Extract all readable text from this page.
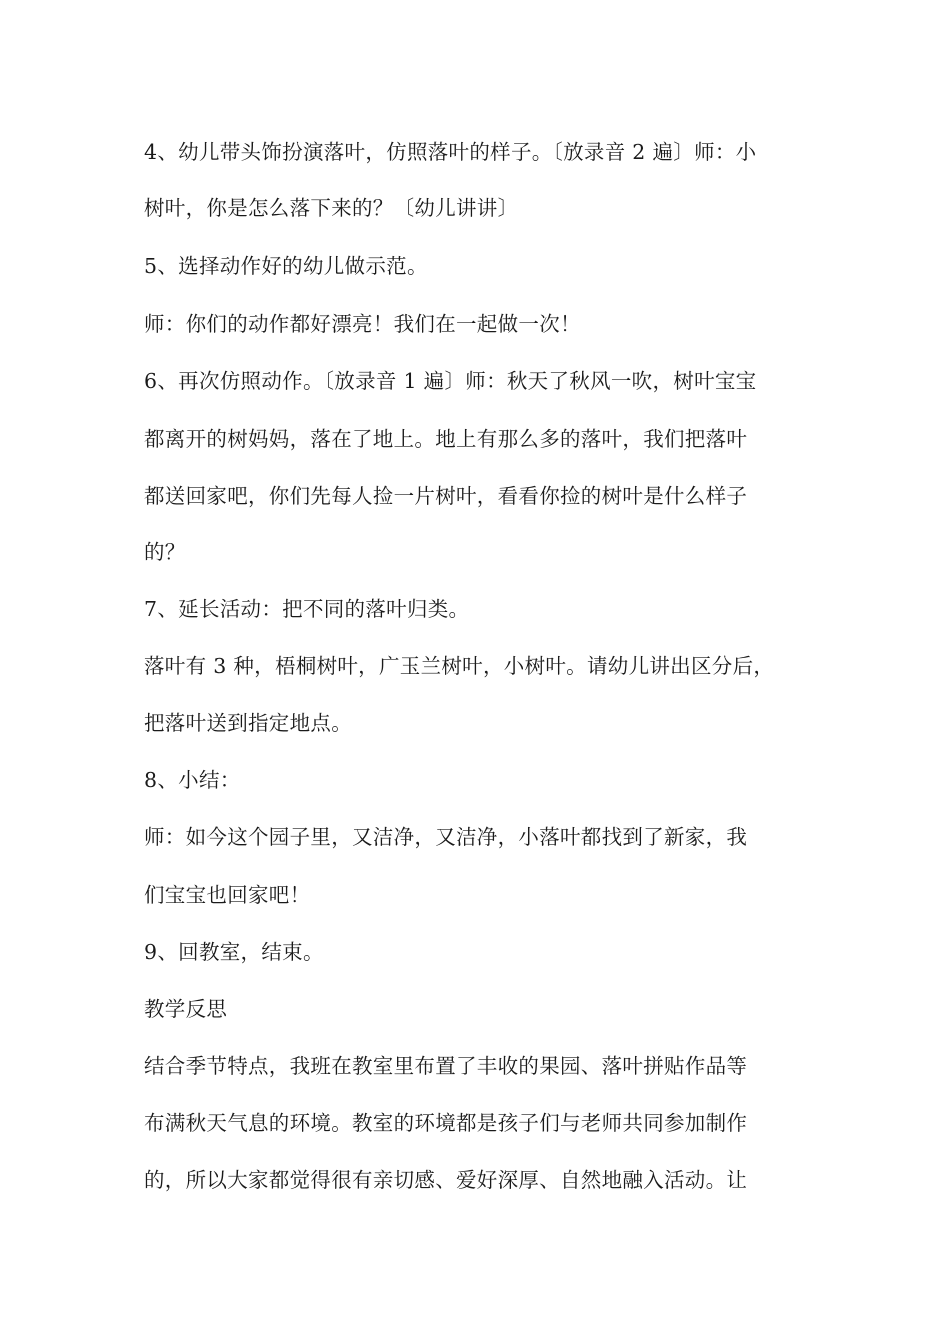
4、幼儿带头饰扮演落叶，仿照落叶的样子。〔放录音 2 遍〕师：小
树叶，你是怎么落下来的？〔幼儿讲讲〕
5、选择动作好的幼儿做示范。
师：你们的动作都好漂亮！我们在一起做一次！
6、再次仿照动作。〔放录音 1 遍〕师：秋天了秋风一吹，树叶宝宝
都离开的树妈妈，落在了地上。地上有那么多的落叶，我们把落叶
都送回家吧，你们先每人捡一片树叶，看看你捡的树叶是什么样子
的？
7、延长活动：把不同的落叶归类。
落叶有 3 种，梧桐树叶，广玉兰树叶，小树叶。请幼儿讲出区分后，
把落叶送到指定地点。
8、小结：
师：如今这个园子里，又洁净，又洁净，小落叶都找到了新家，我
们宝宝也回家吧！
9、回教室，结束。
教学反思
结合季节特点，我班在教室里布置了丰收的果园、落叶拼贴作品等
布满秋天气息的环境。教室的环境都是孩子们与老师共同参加制作
的，所以大家都觉得很有亲切感、爱好深厚、自然地融入活动。让
